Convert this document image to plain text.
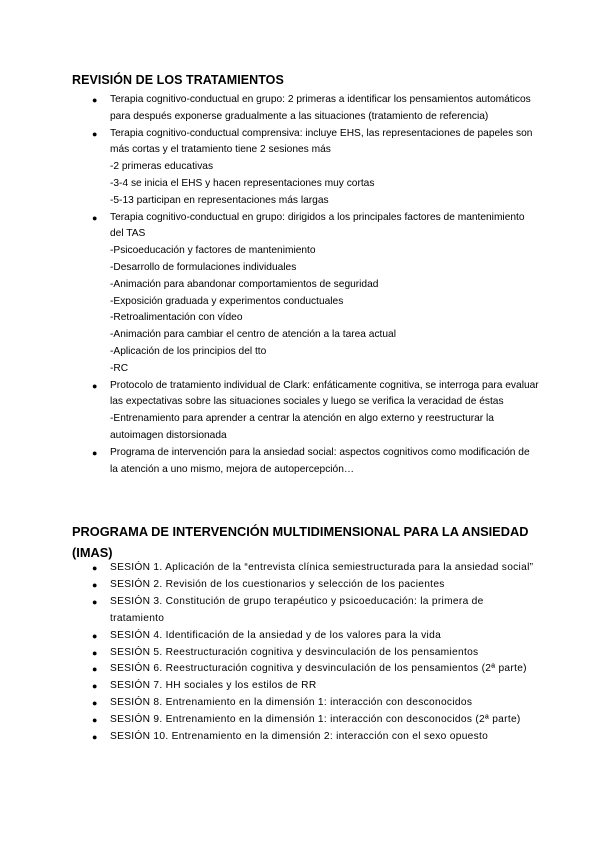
REVISIÓN DE LOS TRATAMIENTOS
● Terapia cognitivo-conductual en grupo: 2 primeras a identificar los pensamientos automáticos para después exponerse gradualmente a las situaciones (tratamiento de referencia)
● Terapia cognitivo-conductual comprensiva: incluye EHS, las representaciones de papeles son más cortas y el tratamiento tiene 2 sesiones más
-2 primeras educativas
-3-4 se inicia el EHS y hacen representaciones muy cortas
-5-13 participan en representaciones más largas
● Terapia cognitivo-conductual en grupo: dirigidos a los principales factores de mantenimiento del TAS
-Psicoeducación y factores de mantenimiento
-Desarrollo de formulaciones individuales
-Animación para abandonar comportamientos de seguridad
-Exposición graduada y experimentos conductuales
-Retroalimentación con vídeo
-Animación para cambiar el centro de atención a la tarea actual
-Aplicación de los principios del tto
-RC
● Protocolo de tratamiento individual de Clark: enfáticamente cognitiva, se interroga para evaluar las expectativas sobre las situaciones sociales y luego se verifica la veracidad de éstas
-Entrenamiento para aprender a centrar la atención en algo externo y reestructurar la autoimagen distorsionada
● Programa de intervención para la ansiedad social: aspectos cognitivos como modificación de la atención a uno mismo, mejora de autopercepción…
PROGRAMA DE INTERVENCIÓN MULTIDIMENSIONAL PARA LA ANSIEDAD (IMAS)
● SESIÓN 1. Aplicación de la “entrevista clínica semiestructurada para la ansiedad social”
● SESIÓN 2. Revisión de los cuestionarios y selección de los pacientes
● SESIÓN 3. Constitución de grupo terapéutico y psicoeducación: la primera de tratamiento
● SESIÓN 4. Identificación de la ansiedad y de los valores para la vida
● SESIÓN 5. Reestructuración cognitiva y desvinculación de los pensamientos
● SESIÓN 6. Reestructuración cognitiva y desvinculación de los pensamientos (2ª parte)
● SESIÓN 7. HH sociales y los estilos de RR
● SESIÓN 8. Entrenamiento en la dimensión 1: interacción con desconocidos
● SESIÓN 9. Entrenamiento en la dimensión 1: interacción con desconocidos (2ª parte)
● SESIÓN 10. Entrenamiento en la dimensión 2: interacción con el sexo opuesto
